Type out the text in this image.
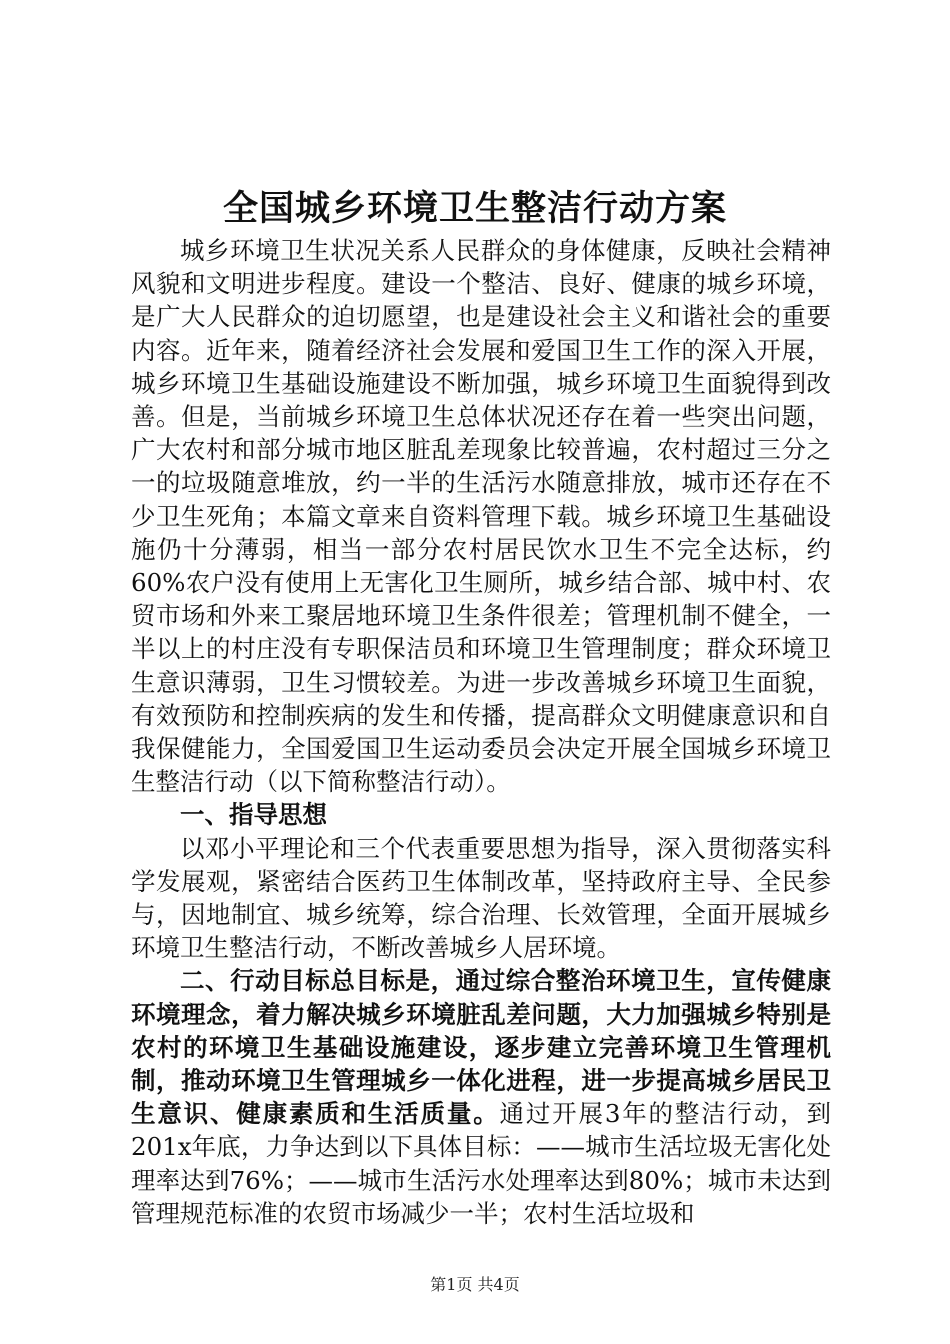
全国城乡环境卫生整洁行动方案

城乡环境卫生状况关系人民群众的身体健康，反映社会精神风貌和文明进步程度。建设一个整洁、良好、健康的城乡环境，是广大人民群众的迫切愿望，也是建设社会主义和谐社会的重要内容。近年来，随着经济社会发展和爱国卫生工作的深入开展，城乡环境卫生基础设施建设不断加强，城乡环境卫生面貌得到改善。但是，当前城乡环境卫生总体状况还存在着一些突出问题，广大农村和部分城市地区脏乱差现象比较普遍，农村超过三分之一的垃圾随意堆放，约一半的生活污水随意排放，城市还存在不少卫生死角；本篇文章来自资料管理下载。城乡环境卫生基础设施仍十分薄弱，相当一部分农村居民饮水卫生不完全达标，约60%农户没有使用上无害化卫生厕所，城乡结合部、城中村、农贸市场和外来工聚居地环境卫生条件很差；管理机制不健全，一半以上的村庄没有专职保洁员和环境卫生管理制度；群众环境卫生意识薄弱，卫生习惯较差。为进一步改善城乡环境卫生面貌，有效预防和控制疾病的发生和传播，提高群众文明健康意识和自我保健能力，全国爱国卫生运动委员会决定开展全国城乡环境卫生整洁行动（以下简称整洁行动）。

一、指导思想

以邓小平理论和三个代表重要思想为指导，深入贯彻落实科学发展观，紧密结合医药卫生体制改革，坚持政府主导、全民参与，因地制宜、城乡统筹，综合治理、长效管理，全面开展城乡环境卫生整洁行动，不断改善城乡人居环境。

二、行动目标总目标是，通过综合整治环境卫生，宣传健康环境理念，着力解决城乡环境脏乱差问题，大力加强城乡特别是农村的环境卫生基础设施建设，逐步建立完善环境卫生管理机制，推动环境卫生管理城乡一体化进程，进一步提高城乡居民卫生意识、健康素质和生活质量。通过开展3年的整洁行动，到201x年底，力争达到以下具体目标：——城市生活垃圾无害化处理率达到76%；——城市生活污水处理率达到80%；城市未达到管理规范标准的农贸市场减少一半；农村生活垃圾和

第1页 共4页
